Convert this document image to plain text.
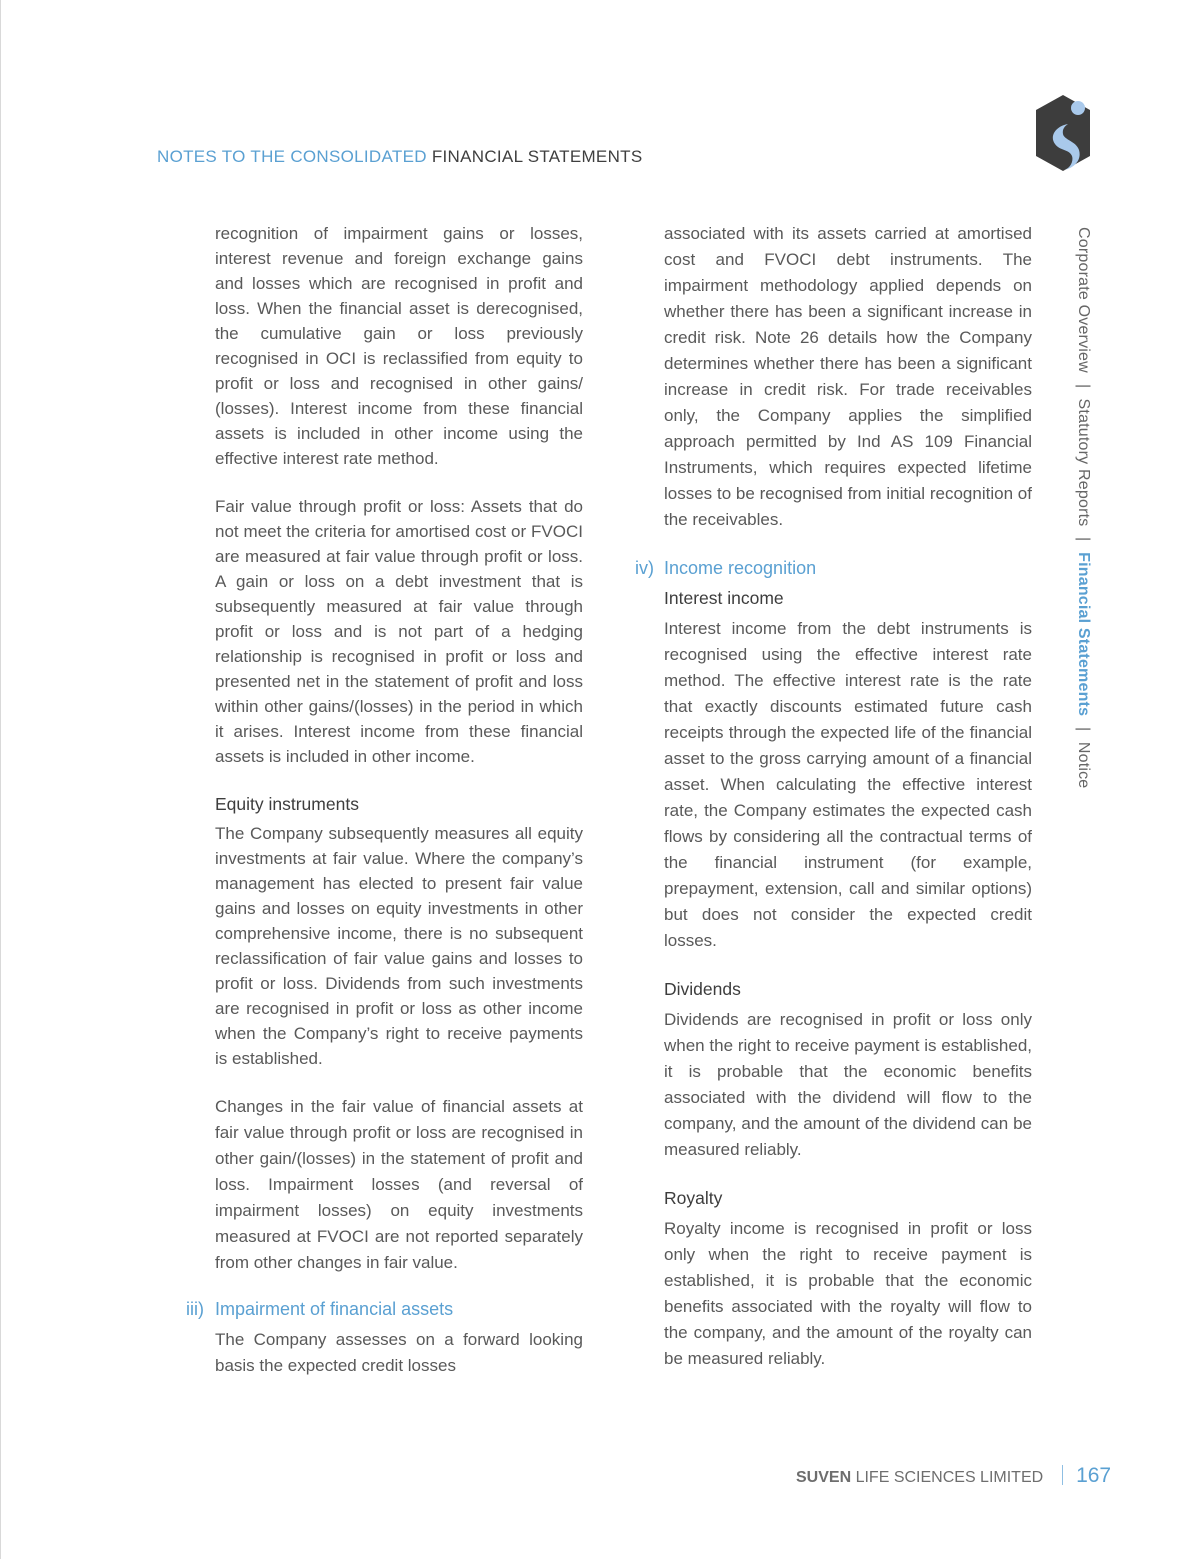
NOTES TO THE CONSOLIDATED FINANCIAL STATEMENTS

recognition of impairment gains or losses, interest revenue and foreign exchange gains and losses which are recognised in profit and loss. When the financial asset is derecognised, the cumulative gain or loss previously recognised in OCI is reclassified from equity to profit or loss and recognised in other gains/ (losses). Interest income from these financial assets is included in other income using the effective interest rate method.

Fair value through profit or loss: Assets that do not meet the criteria for amortised cost or FVOCI are measured at fair value through profit or loss. A gain or loss on a debt investment that is subsequently measured at fair value through profit or loss and is not part of a hedging relationship is recognised in profit or loss and presented net in the statement of profit and loss within other gains/(losses) in the period in which it arises. Interest income from these financial assets is included in other income.

Equity instruments

The Company subsequently measures all equity investments at fair value. Where the company’s management has elected to present fair value gains and losses on equity investments in other comprehensive income, there is no subsequent reclassification of fair value gains and losses to profit or loss. Dividends from such investments are recognised in profit or loss as other income when the Company’s right to receive payments is established.

Changes in the fair value of financial assets at fair value through profit or loss are recognised in other gain/(losses) in the statement of profit and loss. Impairment losses (and reversal of impairment losses) on equity investments measured at FVOCI are not reported separately from other changes in fair value.

iii) Impairment of financial assets

The Company assesses on a forward looking basis the expected credit losses

associated with its assets carried at amortised cost and FVOCI debt instruments. The impairment methodology applied depends on whether there has been a significant increase in credit risk. Note 26 details how the Company determines whether there has been a significant increase in credit risk. For trade receivables only, the Company applies the simplified approach permitted by Ind AS 109 Financial Instruments, which requires expected lifetime losses to be recognised from initial recognition of the receivables.

iv) Income recognition
Interest income

Interest income from the debt instruments is recognised using the effective interest rate method. The effective interest rate is the rate that exactly discounts estimated future cash receipts through the expected life of the financial asset to the gross carrying amount of a financial asset. When calculating the effective interest rate, the Company estimates the expected cash flows by considering all the contractual terms of the financial instrument (for example, prepayment, extension, call and similar options) but does not consider the expected credit losses.

Dividends

Dividends are recognised in profit or loss only when the right to receive payment is established, it is probable that the economic benefits associated with the dividend will flow to the company, and the amount of the dividend can be measured reliably.

Royalty

Royalty income is recognised in profit or loss only when the right to receive payment is established, it is probable that the economic benefits associated with the royalty will flow to the company, and the amount of the royalty can be measured reliably.

Corporate Overview | Statutory Reports | Financial Statements | Notice
SUVEN LIFE SCIENCES LIMITED 167
